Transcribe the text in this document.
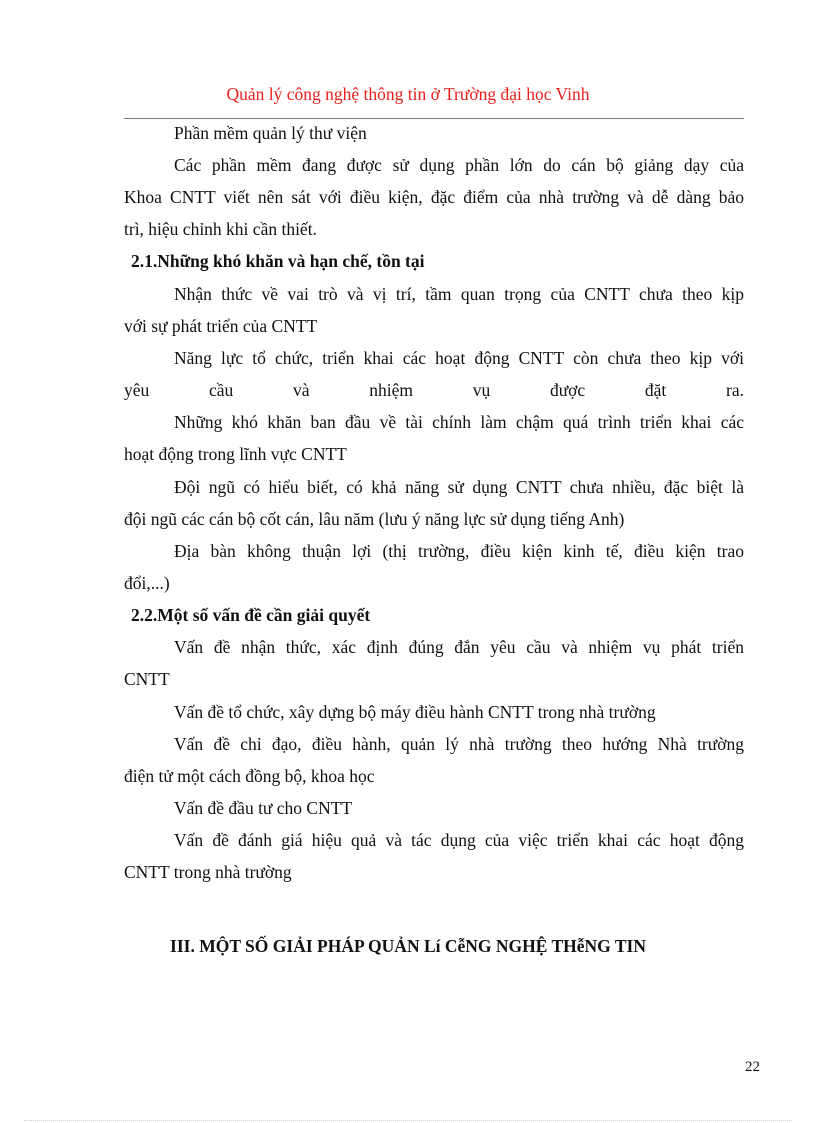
Quản lý công nghệ thông tin ở Trường đại học Vinh
Phần mềm quản lý thư viện
Các phần mềm đang được sử dụng phần lớn do cán bộ giảng dạy của
Khoa CNTT viết nên sát với điều kiện, đặc điểm của nhà trường và dễ dàng bảo
trì, hiệu chỉnh khi cần thiết.
2.1.Những khó khăn và hạn chế, tồn tại
Nhận thức về vai trò và vị trí, tầm quan trọng của CNTT chưa theo kịp
với sự phát triển của CNTT
Năng lực tổ chức, triển khai các hoạt động CNTT còn chưa theo kịp với
yêu cầu và nhiệm vụ được đặt ra.
Những khó khăn ban đầu về tài chính làm chậm quá trình triển khai các
hoạt động trong lĩnh vực CNTT
Đội ngũ có hiểu biết, có khả năng sử dụng CNTT chưa nhiều, đặc biệt là
đội ngũ các cán bộ cốt cán, lâu năm (lưu ý năng lực sử dụng tiếng Anh)
Địa bàn không thuận lợi (thị trường, điều kiện kinh tế, điều kiện trao
đổi,...)
2.2.Một số vấn đề cần giải quyết
Vấn đề nhận thức, xác định đúng đắn yêu cầu và nhiệm vụ phát triển
CNTT
Vấn đề tổ chức, xây dựng bộ máy điều hành CNTT trong nhà trường
Vấn đề chỉ đạo, điều hành, quản lý nhà trường theo hướng Nhà trường
điện tử một cách đồng bộ, khoa học
Vấn đề đầu tư cho CNTT
Vấn đề đánh giá hiệu quả và tác dụng của việc triển khai các hoạt động
CNTT trong nhà trường
III. MỘT SỐ GIẢI PHÁP QUẢN Lí CễNG NGHỆ THễNG TIN
22
